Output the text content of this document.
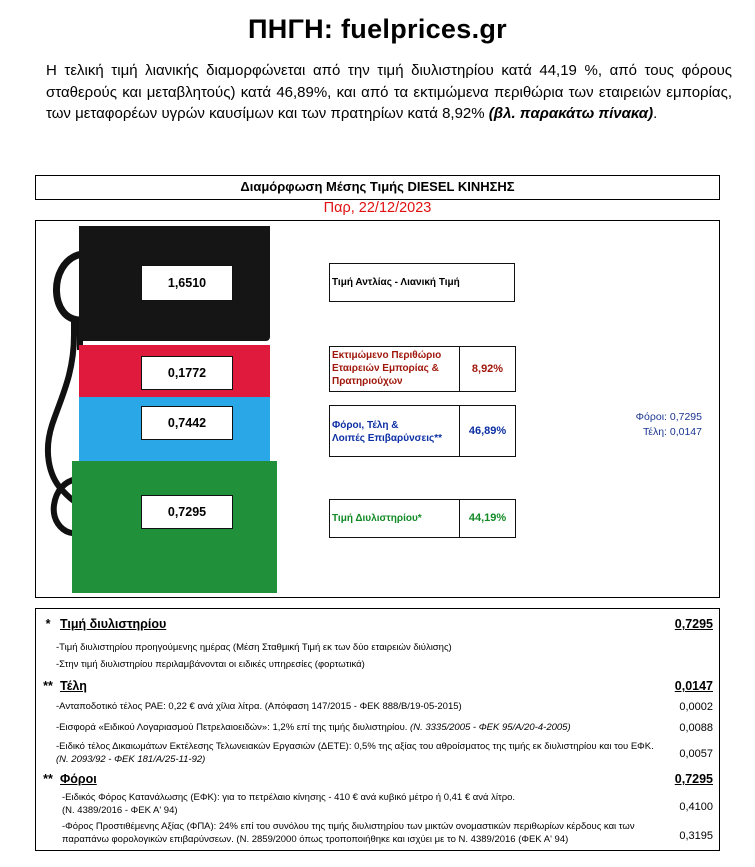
ΠΗΓΗ: fuelprices.gr
Η τελική τιμή λιανικής διαμορφώνεται από την τιμή διυλιστηρίου κατά 44,19 %, από τους φόρους σταθερούς και μεταβλητούς) κατά 46,89%, και από τα εκτιμώμενα περιθώρια των εταιρειών εμπορίας, των μεταφορέων υγρών καυσίμων και των πρατηρίων κατά 8,92% (βλ. παρακάτω πίνακα).
Διαμόρφωση Μέσης Τιμής DIESEL ΚΙΝΗΣΗΣ
Παρ, 22/12/2023
1,6510
0,1772
0,7442
0,7295
Τιμή Αντλίας - Λιανική Τιμή
Εκτιμώμενο Περιθώριο
Εταιρειών Εμπορίας &
Πρατηριούχων
8,92%
Φόροι, Τέλη &
Λοιπές Επιβαρύνσεις**
46,89%
Τιμή Διυλιστηρίου*	44,19%
Φόροι: 0,7295
Τέλη: 0,0147
* Τιμή διυλιστηρίου	0,7295
-Τιμή διυλιστηρίου προηγούμενης ημέρας (Μέση Σταθμική Τιμή εκ των δύο εταιρειών διύλισης)
-Στην τιμή διυλιστηρίου περιλαμβάνονται οι ειδικές υπηρεσίες (φορτωτικά)
** Τέλη	0,0147
-Ανταποδοτικό τέλος ΡΑΕ: 0,22 € ανά χίλια λίτρα. (Απόφαση 147/2015 - ΦΕΚ 888/Β/19-05-2015)	0,0002
-Εισφορά «Ειδικού Λογαριασμού Πετρελαιοειδών»: 1,2% επί της τιμής διυλιστηρίου. (Ν. 3335/2005 - ΦΕΚ 95/Α/20-4-2005)	0,0088
-Ειδικό τέλος Δικαιωμάτων Εκτέλεσης Τελωνειακών Εργασιών (ΔΕΤΕ): 0,5% της αξίας του αθροίσματος της τιμής εκ διυλιστηρίου και του ΕΦΚ.
(Ν. 2093/92 - ΦΕΚ 181/Α/25-11-92)	0,0057
** Φόροι	0,7295
-Ειδικός Φόρος Κατανάλωσης (ΕΦΚ): για το πετρέλαιο κίνησης - 410 € ανά κυβικό μέτρο ή 0,41 € ανά λίτρο.
(Ν. 4389/2016 - ΦΕΚ Α' 94)	0,4100
-Φόρος Προστιθέμενης Αξίας (ΦΠΑ): 24% επί του συνόλου της τιμής διυλιστηρίου των μικτών ονομαστικών περιθωρίων κέρδους και των
παραπάνω φορολογικών επιβαρύνσεων. (Ν. 2859/2000 όπως τροποποιήθηκε και ισχύει με το Ν. 4389/2016 (ΦΕΚ Α' 94)	0,3195
